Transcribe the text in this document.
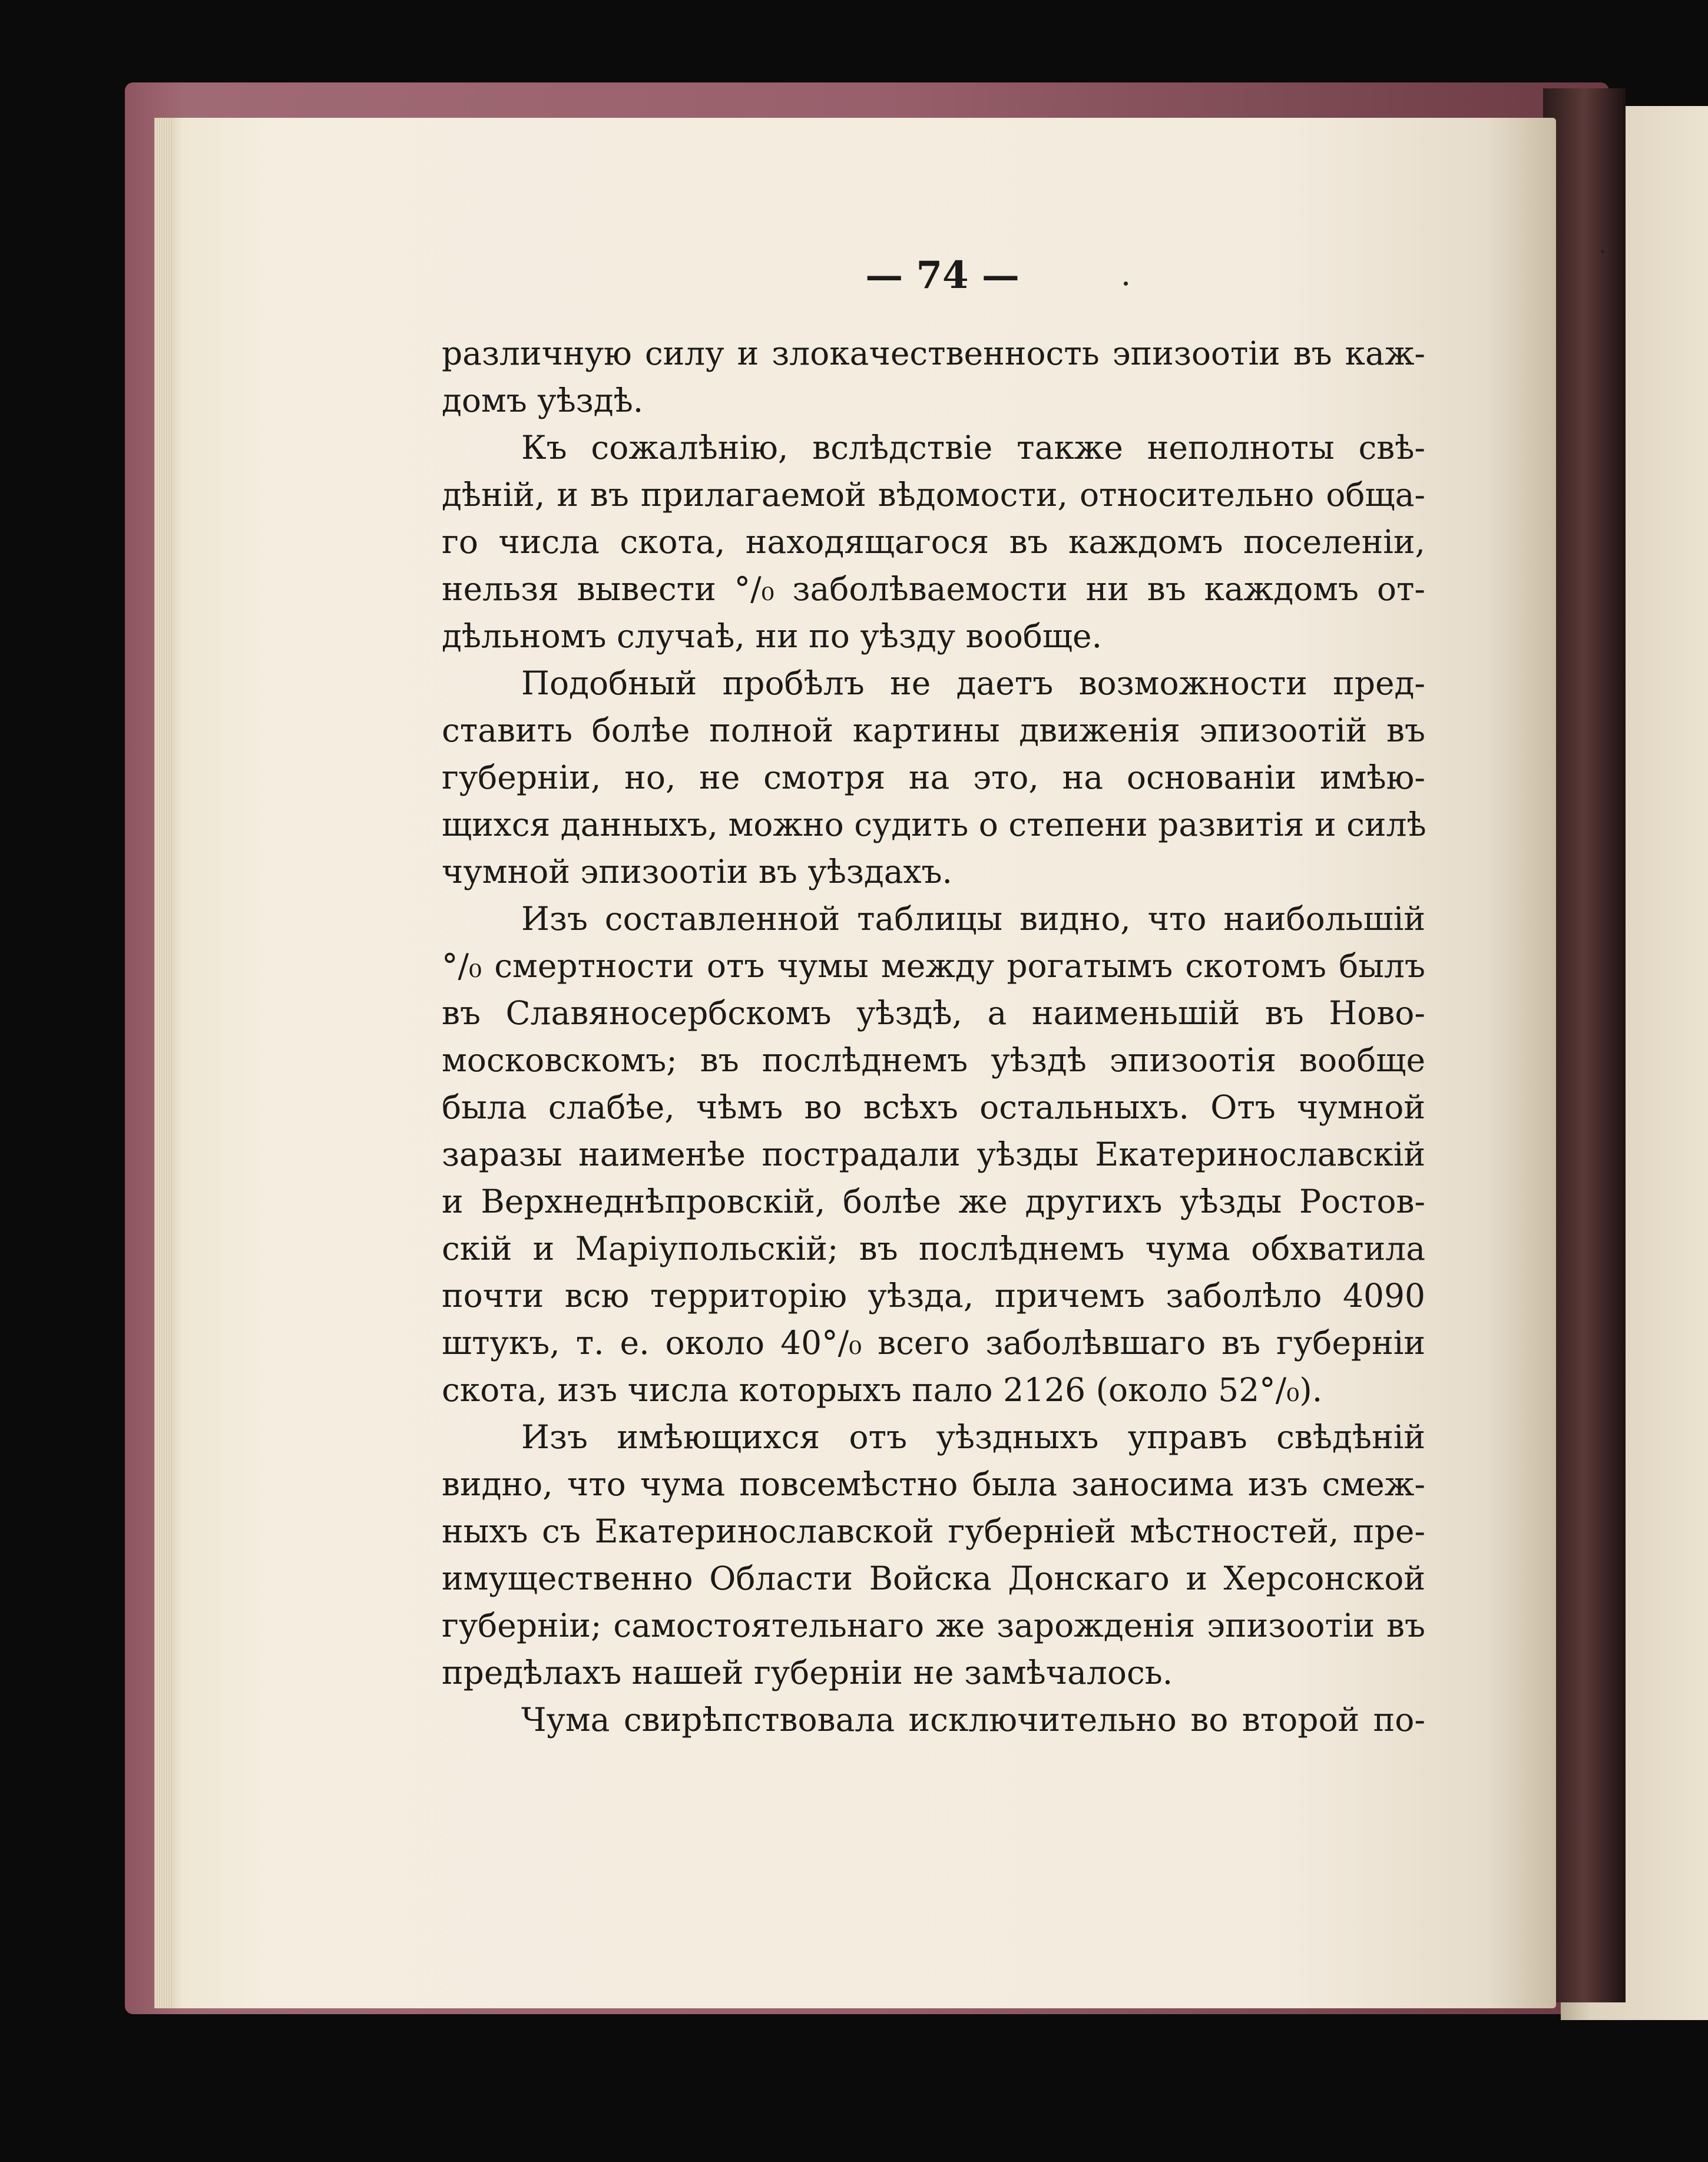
— 74 —
различную силу и злокачественность эпизоотіи въ каж-
домъ уѣздѣ.
Къ сожалѣнію, вслѣдствіе также неполноты свѣ-
дѣній, и въ прилагаемой вѣдомости, относительно обща-
го числа скота, находящагося въ каждомъ поселеніи,
нельзя вывести °/₀ заболѣваемости ни въ каждомъ от-
дѣльномъ случаѣ, ни по уѣзду вообще.
Подобный пробѣлъ не даетъ возможности пред-
ставить болѣе полной картины движенія эпизоотій въ
губерніи, но, не смотря на это, на основаніи имѣю-
щихся данныхъ, можно судить о степени развитія и силѣ
чумной эпизоотіи въ уѣздахъ.
Изъ составленной таблицы видно, что наибольшій
°/₀ смертности отъ чумы между рогатымъ скотомъ былъ
въ Славяносербскомъ уѣздѣ, а наименьшій въ Ново-
московскомъ; въ послѣднемъ уѣздѣ эпизоотія вообще
была слабѣе, чѣмъ во всѣхъ остальныхъ. Отъ чумной
заразы наименѣе пострадали уѣзды Екатеринославскій
и Верхнеднѣпровскій, болѣе же другихъ уѣзды Ростов-
скій и Маріупольскій; въ послѣднемъ чума обхватила
почти всю территорію уѣзда, причемъ заболѣло 4090
штукъ, т. е. около 40°/₀ всего заболѣвшаго въ губерніи
скота, изъ числа которыхъ пало 2126 (около 52°/₀).
Изъ имѣющихся отъ уѣздныхъ управъ свѣдѣній
видно, что чума повсемѣстно была заносима изъ смеж-
ныхъ съ Екатеринославской губерніей мѣстностей, пре-
имущественно Области Войска Донскаго и Херсонской
губерніи; самостоятельнаго же зарожденія эпизоотіи въ
предѣлахъ нашей губерніи не замѣчалось.
Чума свирѣпствовала исключительно во второй по-
